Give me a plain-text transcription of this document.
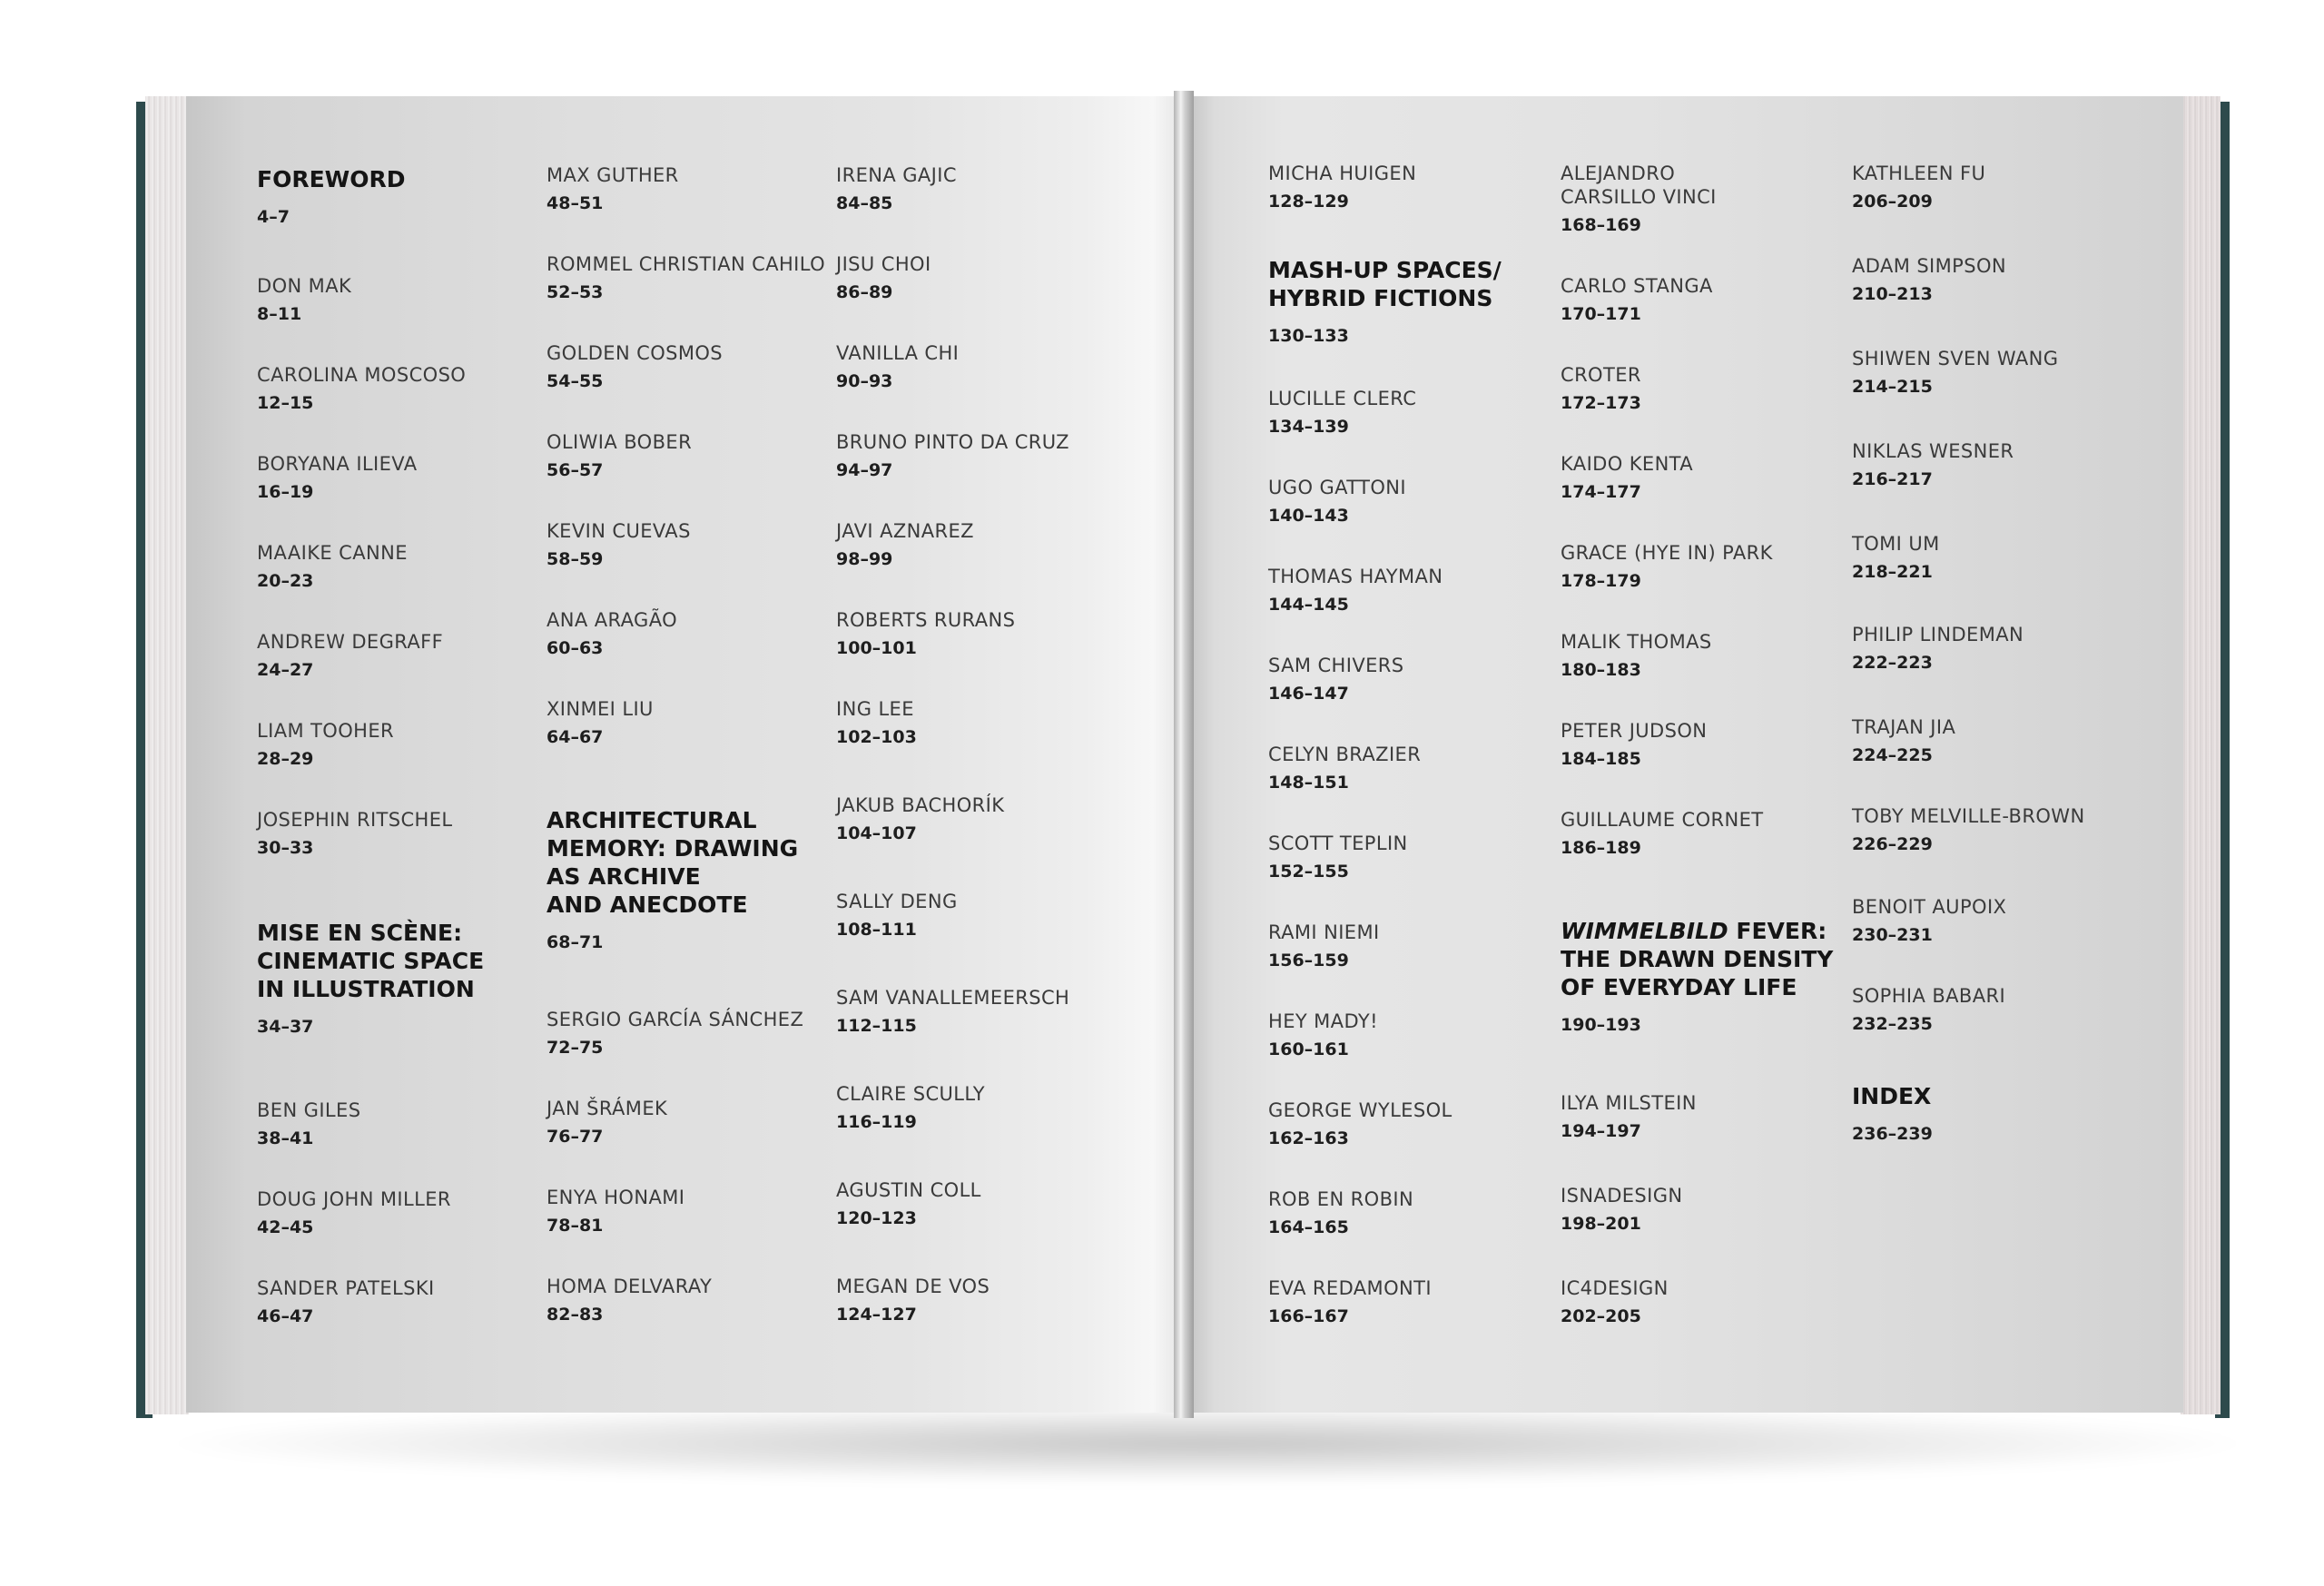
FOREWORD
4–7
DON MAK
8–11
CAROLINA MOSCOSO
12–15
BORYANA ILIEVA
16–19
MAAIKE CANNE
20–23
ANDREW DEGRAFF
24–27
LIAM TOOHER
28–29
JOSEPHIN RITSCHEL
30–33
MISE EN SCÈNE:
CINEMATIC SPACE
IN ILLUSTRATION
34–37
BEN GILES
38–41
DOUG JOHN MILLER
42–45
SANDER PATELSKI
46–47
MAX GUTHER
48–51
ROMMEL CHRISTIAN CAHILO
52–53
GOLDEN COSMOS
54–55
OLIWIA BOBER
56–57
KEVIN CUEVAS
58–59
ANA ARAGÃO
60–63
XINMEI LIU
64–67
ARCHITECTURAL
MEMORY: DRAWING
AS ARCHIVE
AND ANECDOTE
68–71
SERGIO GARCÍA SÁNCHEZ
72–75
JAN ŠRÁMEK
76–77
ENYA HONAMI
78–81
HOMA DELVARAY
82–83
IRENA GAJIC
84–85
JISU CHOI
86–89
VANILLA CHI
90–93
BRUNO PINTO DA CRUZ
94–97
JAVI AZNAREZ
98–99
ROBERTS RURANS
100–101
ING LEE
102–103
JAKUB BACHORÍK
104–107
SALLY DENG
108–111
SAM VANALLEMEERSCH
112–115
CLAIRE SCULLY
116–119
AGUSTIN COLL
120–123
MEGAN DE VOS
124–127
MICHA HUIGEN
128–129
MASH-UP SPACES/
HYBRID FICTIONS
130–133
LUCILLE CLERC
134–139
UGO GATTONI
140–143
THOMAS HAYMAN
144–145
SAM CHIVERS
146–147
CELYN BRAZIER
148–151
SCOTT TEPLIN
152–155
RAMI NIEMI
156–159
HEY MADY!
160–161
GEORGE WYLESOL
162–163
ROB EN ROBIN
164–165
EVA REDAMONTI
166–167
ALEJANDRO
CARSILLO VINCI
168–169
CARLO STANGA
170–171
CROTER
172–173
KAIDO KENTA
174–177
GRACE (HYE IN) PARK
178–179
MALIK THOMAS
180–183
PETER JUDSON
184–185
GUILLAUME CORNET
186–189
WIMMELBILD FEVER:
THE DRAWN DENSITY
OF EVERYDAY LIFE
190–193
ILYA MILSTEIN
194–197
ISNADESIGN
198–201
IC4DESIGN
202–205
KATHLEEN FU
206–209
ADAM SIMPSON
210–213
SHIWEN SVEN WANG
214–215
NIKLAS WESNER
216–217
TOMI UM
218–221
PHILIP LINDEMAN
222–223
TRAJAN JIA
224–225
TOBY MELVILLE-BROWN
226–229
BENOIT AUPOIX
230–231
SOPHIA BABARI
232–235
INDEX
236–239
